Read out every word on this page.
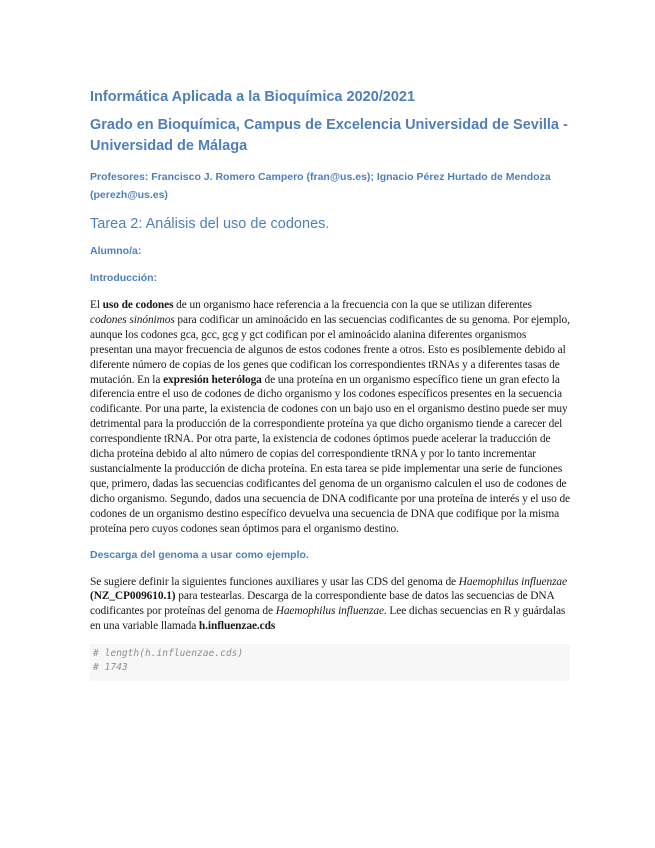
Informática Aplicada a la Bioquímica 2020/2021
Grado en Bioquímica, Campus de Excelencia Universidad de Sevilla - Universidad de Málaga
Profesores: Francisco J. Romero Campero (fran@us.es); Ignacio Pérez Hurtado de Mendoza (perezh@us.es)
Tarea 2: Análisis del uso de codones.
Alumno/a:
Introducción:

El uso de codones de un organismo hace referencia a la frecuencia con la que se utilizan diferentes codones sinónimos para codificar un aminoácido en las secuencias codificantes de su genoma. Por ejemplo, aunque los codones gca, gcc, gcg y gct codifican por el aminoácido alanina diferentes organismos presentan una mayor frecuencia de algunos de estos codones frente a otros. Esto es posiblemente debido al diferente número de copias de los genes que codifican los correspondientes tRNAs y a diferentes tasas de mutación. En la expresión heteróloga de una proteína en un organismo específico tiene un gran efecto la diferencia entre el uso de codones de dicho organismo y los codones específicos presentes en la secuencia codificante. Por una parte, la existencia de codones con un bajo uso en el organismo destino puede ser muy detrimental para la producción de la correspondiente proteína ya que dicho organismo tiende a carecer del correspondiente tRNA. Por otra parte, la existencia de codones óptimos puede acelerar la traducción de dicha proteína debido al alto número de copias del correspondiente tRNA y por lo tanto incrementar sustancialmente la producción de dicha proteína. En esta tarea se pide implementar una serie de funciones que, primero, dadas las secuencias codificantes del genoma de un organismo calculen el uso de codones de dicho organismo. Segundo, dados una secuencia de DNA codificante por una proteína de interés y el uso de codones de un organismo destino específico devuelva una secuencia de DNA que codifique por la misma proteína pero cuyos codones sean óptimos para el organismo destino.

Descarga del genoma a usar como ejemplo.

Se sugiere definir la siguientes funciones auxiliares y usar las CDS del genoma de Haemophilus influenzae (NZ_CP009610.1) para testearlas. Descarga de la correspondiente base de datos las secuencias de DNA codificantes por proteínas del genoma de Haemophilus influenzae. Lee dichas secuencias en R y guárdalas en una variable llamada h.influenzae.cds

# length(h.influenzae.cds)
# 1743
